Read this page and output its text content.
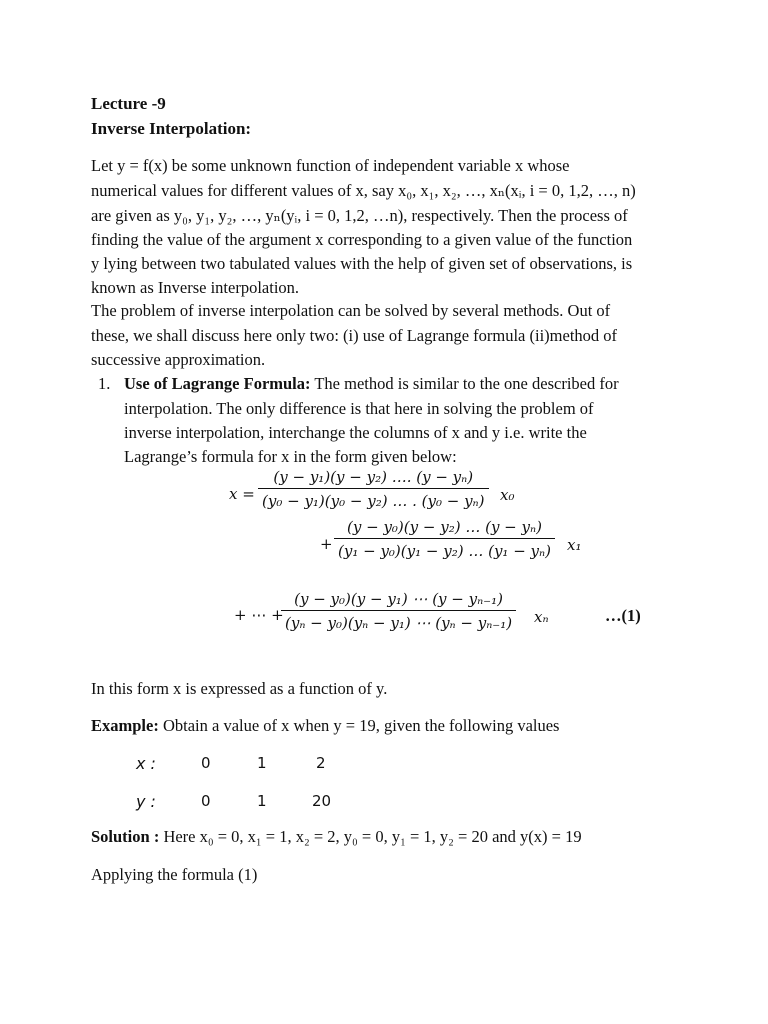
Lecture -9
Inverse Interpolation:
Let y = f(x) be some unknown function of independent variable x whose
numerical values for different values of x, say x₀, x₁, x₂, …, xₙ(xᵢ, i = 0, 1,2, …, n)
are given as y₀, y₁, y₂, …, yₙ(yᵢ, i = 0, 1,2, …n), respectively. Then the process of
finding the value of the argument x corresponding to a given value of the function
y lying between two tabulated values with the help of given set of observations, is
known as Inverse interpolation.
The problem of inverse interpolation can be solved by several methods. Out of
these, we shall discuss here only two: (i) use of Lagrange formula (ii)method of
successive approximation.
1. Use of Lagrange Formula: The method is similar to the one described for
interpolation. The only difference is that here in solving the problem of
inverse interpolation, interchange the columns of x and y i.e. write the
Lagrange’s formula for x in the form given below:
$x = \frac{\text{(y − y₁)(y − y₂) …. (y − yₙ)}}{\text{(y₀ − y₁)(y₀ − y₂) … . (y₀ − yₙ)}} x_0$
+ $\frac{\text{(y − y₀)(y − y₂) … (y − yₙ)}}{\text{(y₁ − y₀)(y₁ − y₂) … (y₁ − yₙ)}} x_1$
+ ⋯ +
$\frac{\text{(y − y₀)(y − y₁) ⋯ (y − yₙ₋₁)}}{\text{(yₙ − y₀)(yₙ − y₁) ⋯ (yₙ − yₙ₋₁)}}$ xₙ	…(1)
In this form x is expressed as a function of y.
Example: Obtain a value of x when y = 19, given the following values
x :	0	1	2
y :	0	1	20
Solution : Here x₀ = 0, x₁ = 1, x₂ = 2, y₀ = 0, y₁ = 1, y₂ = 20 and y(x) = 19
Applying the formula (1)
